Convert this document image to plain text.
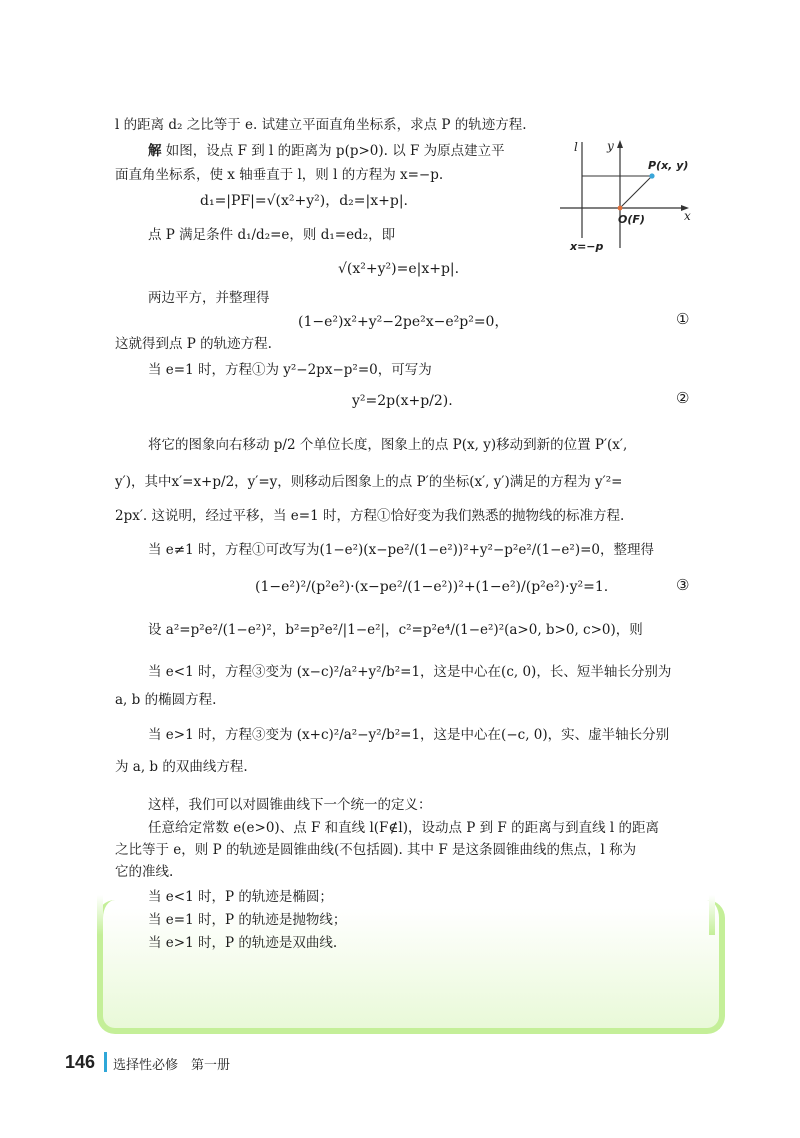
l 的距离 d₂ 之比等于 e. 试建立平面直角坐标系，求点 P 的轨迹方程.
解 如图，设点 F 到 l 的距离为 p(p>0). 以 F 为原点建立平
面直角坐标系，使 x 轴垂直于 l，则 l 的方程为 x=−p.
d₁=|PF|=√(x²+y²)，d₂=|x+p|.
点 P 满足条件 d₁/d₂=e，则 d₁=ed₂，即
√(x²+y²)=e|x+p|.
两边平方，并整理得
(1−e²)x²+y²−2pe²x−e²p²=0，	①
这就得到点 P 的轨迹方程.
当 e=1 时，方程①为 y²−2px−p²=0，可写为
y²=2p(x+p/2).	②
将它的图象向右移动 p/2 个单位长度，图象上的点 P(x, y)移动到新的位置 P′(x′,
y′)，其中x′=x+p/2，y′=y，则移动后图象上的点 P′的坐标(x′, y′)满足的方程为 y′²=
2px′. 这说明，经过平移，当 e=1 时，方程①恰好变为我们熟悉的抛物线的标准方程.
当 e≠1 时，方程①可改写为(1−e²)(x−pe²/(1−e²))²+y²−p²e²/(1−e²)=0，整理得
(1−e²)²/(p²e²)·(x−pe²/(1−e²))²+(1−e²)/(p²e²)·y²=1.	③
设 a²=p²e²/(1−e²)²，b²=p²e²/|1−e²|，c²=p²e⁴/(1−e²)²(a>0, b>0, c>0)，则
当 e<1 时，方程③变为 (x−c)²/a²+y²/b²=1，这是中心在(c, 0)，长、短半轴长分别为
a, b 的椭圆方程.
当 e>1 时，方程③变为 (x+c)²/a²−y²/b²=1，这是中心在(−c, 0)，实、虚半轴长分别
为 a, b 的双曲线方程.
这样，我们可以对圆锥曲线下一个统一的定义：
任意给定常数 e(e>0)、点 F 和直线 l(F∉l)，设动点 P 到 F 的距离与到直线 l 的距离
之比等于 e，则 P 的轨迹是圆锥曲线(不包括圆). 其中 F 是这条圆锥曲线的焦点，l 称为
它的准线.
当 e<1 时，P 的轨迹是椭圆；
当 e=1 时，P 的轨迹是抛物线；
当 e>1 时，P 的轨迹是双曲线.
l y
x
P(x, y)
O(F)
x=−p
146 选择性必修　第一册
